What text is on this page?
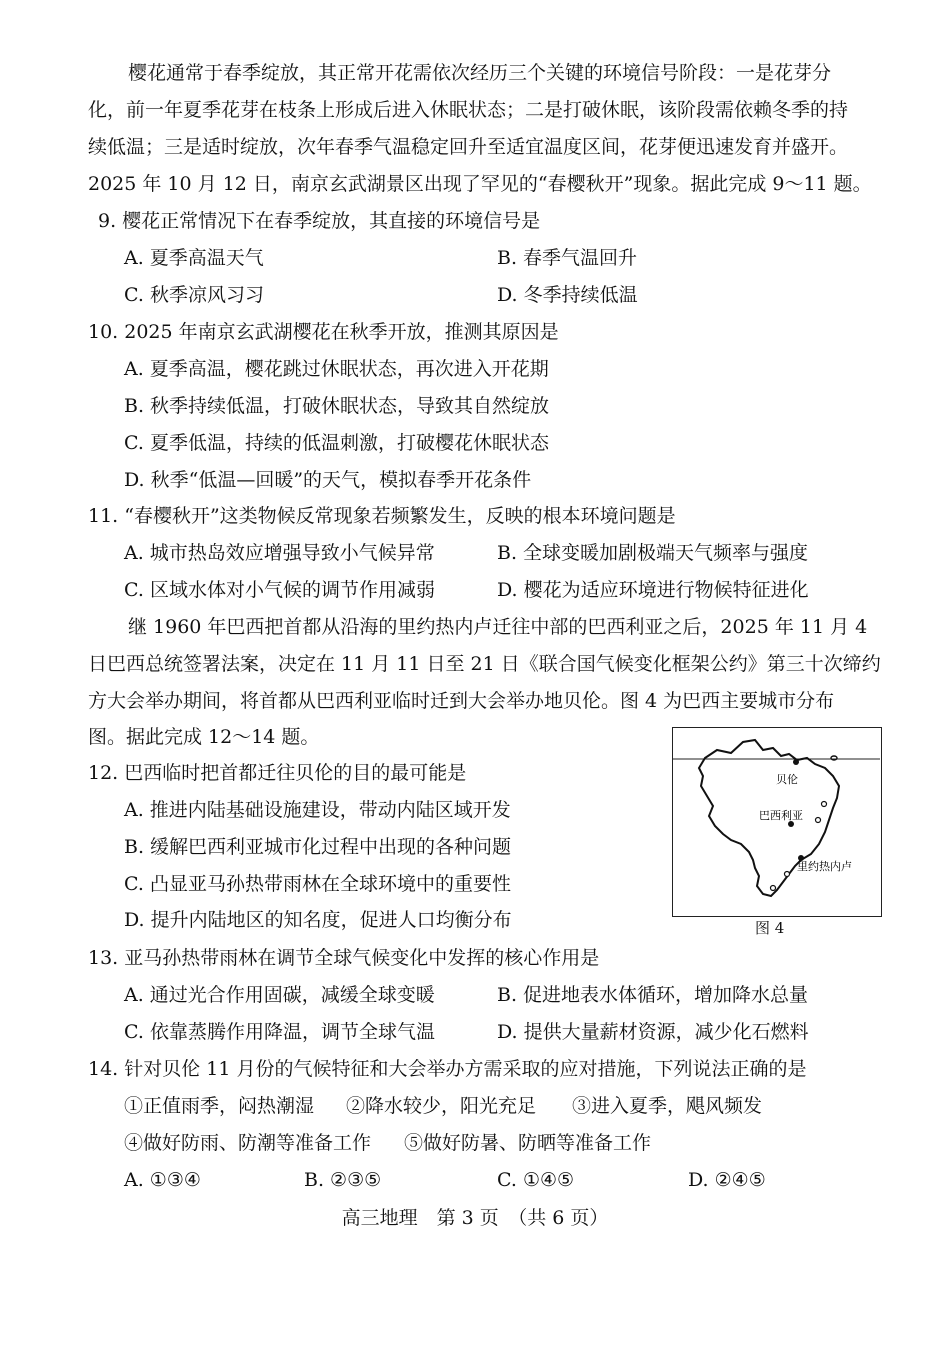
樱花通常于春季绽放，其正常开花需依次经历三个关键的环境信号阶段：一是花芽分
化，前一年夏季花芽在枝条上形成后进入休眠状态；二是打破休眠，该阶段需依赖冬季的持
续低温；三是适时绽放，次年春季气温稳定回升至适宜温度区间，花芽便迅速发育并盛开。
2025 年 10 月 12 日，南京玄武湖景区出现了罕见的“春樱秋开”现象。据此完成 9～11 题。
9. 樱花正常情况下在春季绽放，其直接的环境信号是
A. 夏季高温天气	B. 春季气温回升
C. 秋季凉风习习	D. 冬季持续低温
10. 2025 年南京玄武湖樱花在秋季开放，推测其原因是
A. 夏季高温，樱花跳过休眠状态，再次进入开花期
B. 秋季持续低温，打破休眠状态，导致其自然绽放
C. 夏季低温，持续的低温刺激，打破樱花休眠状态
D. 秋季“低温—回暖”的天气，模拟春季开花条件
11. “春樱秋开”这类物候反常现象若频繁发生，反映的根本环境问题是
A. 城市热岛效应增强导致小气候异常	B. 全球变暖加剧极端天气频率与强度
C. 区域水体对小气候的调节作用减弱	D. 樱花为适应环境进行物候特征进化
继 1960 年巴西把首都从沿海的里约热内卢迁往中部的巴西利亚之后，2025 年 11 月 4
日巴西总统签署法案，决定在 11 月 11 日至 21 日《联合国气候变化框架公约》第三十次缔约
方大会举办期间，将首都从巴西利亚临时迁到大会举办地贝伦。图 4 为巴西主要城市分布
图。据此完成 12～14 题。
贝伦
巴西利亚
里约热内卢
图 4
12. 巴西临时把首都迁往贝伦的目的最可能是
A. 推进内陆基础设施建设，带动内陆区域开发
B. 缓解巴西利亚城市化过程中出现的各种问题
C. 凸显亚马孙热带雨林在全球环境中的重要性
D. 提升内陆地区的知名度，促进人口均衡分布
13. 亚马孙热带雨林在调节全球气候变化中发挥的核心作用是
A. 通过光合作用固碳，减缓全球变暖	B. 促进地表水体循环，增加降水总量
C. 依靠蒸腾作用降温，调节全球气温	D. 提供大量薪材资源，减少化石燃料
14. 针对贝伦 11 月份的气候特征和大会举办方需采取的应对措施，下列说法正确的是
①正值雨季，闷热潮湿 ②降水较少，阳光充足 ③进入夏季，飓风频发
④做好防雨、防潮等准备工作 ⑤做好防暑、防晒等准备工作
A. ①③④	B. ②③⑤	C. ①④⑤	D. ②④⑤
高三地理　第 3 页　（共 6 页）
